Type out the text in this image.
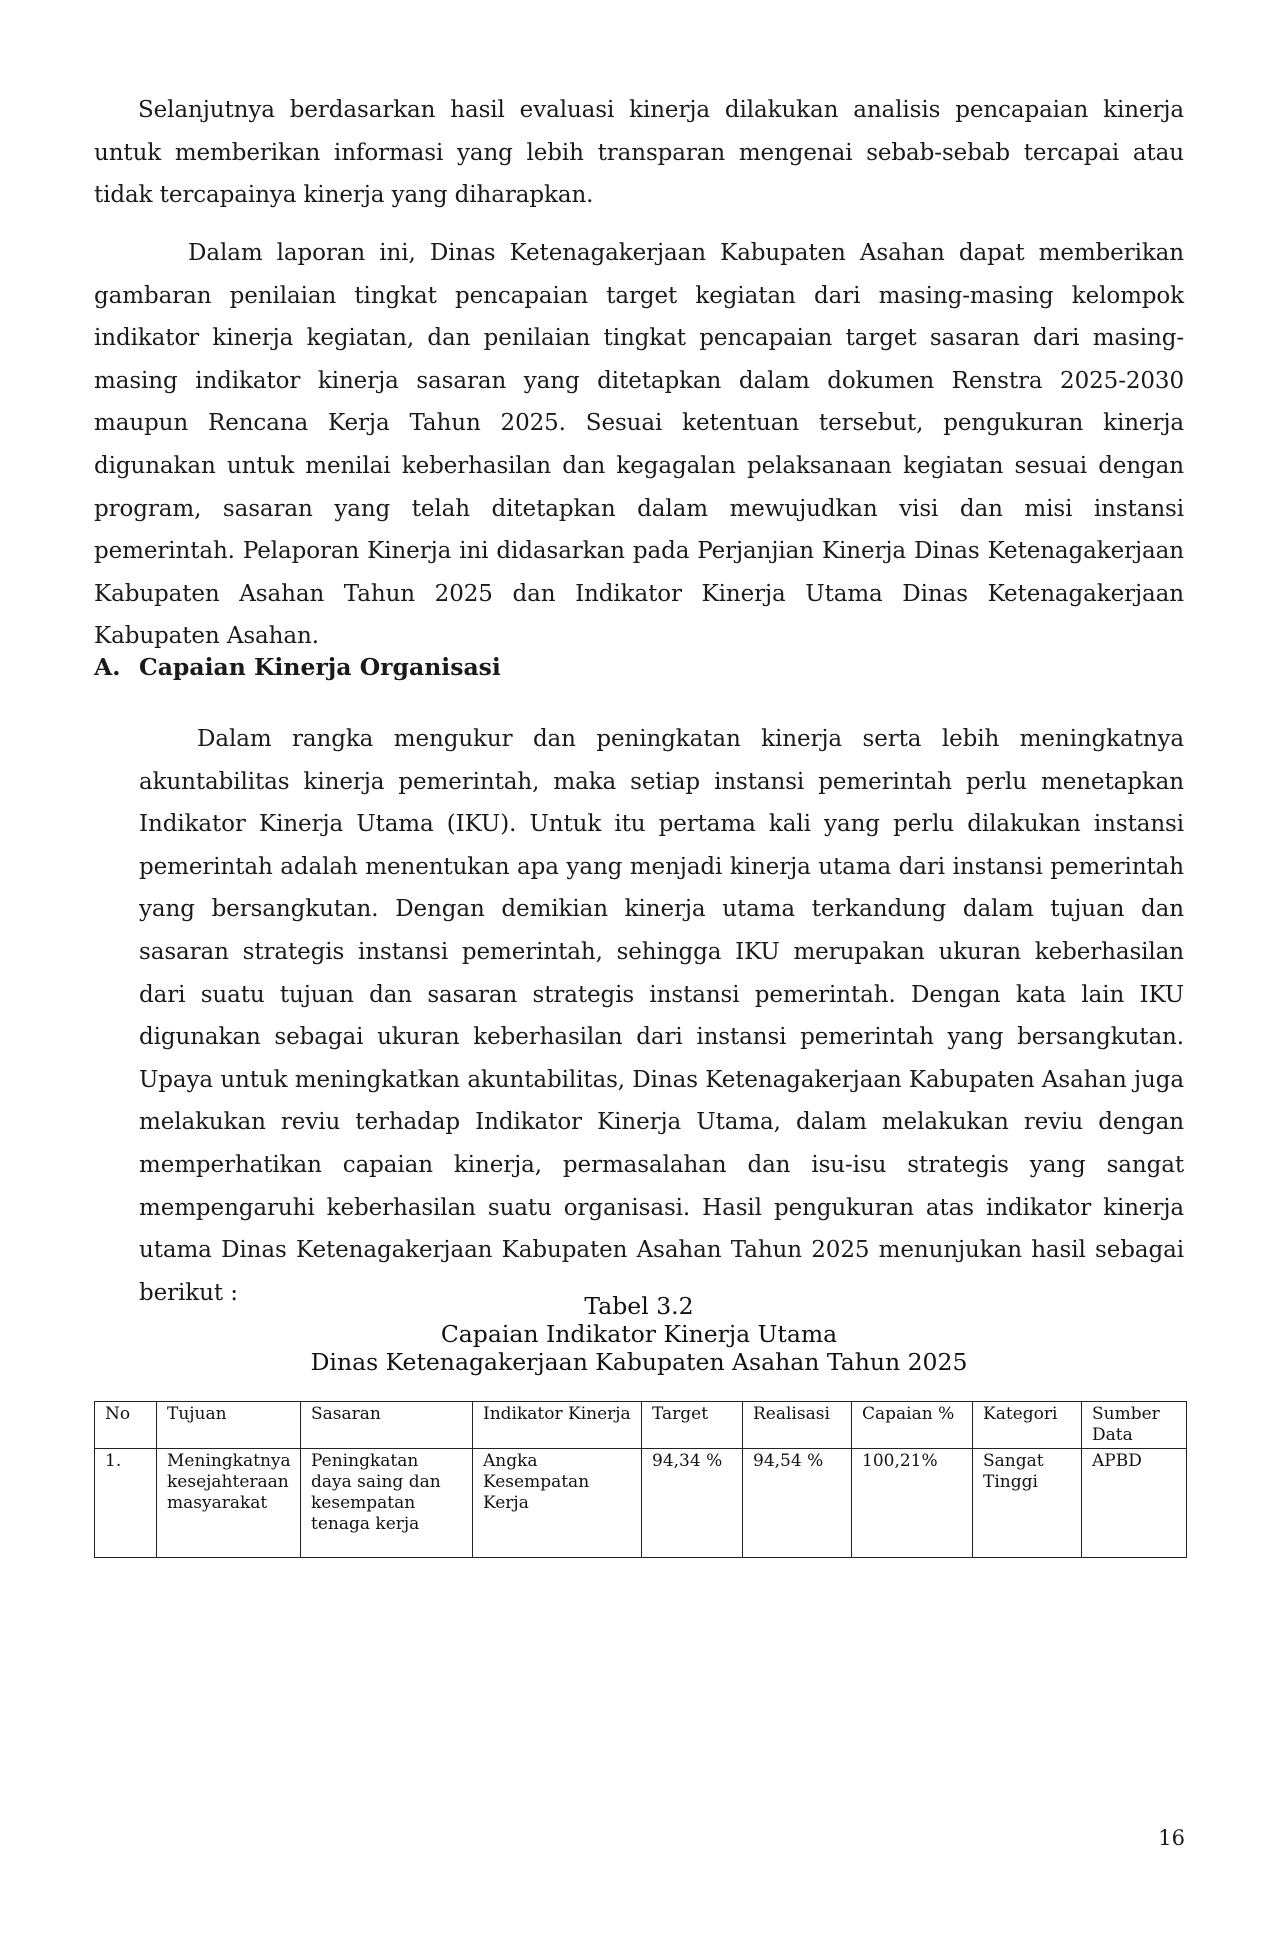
Selanjutnya berdasarkan hasil evaluasi kinerja dilakukan analisis pencapaian kinerja untuk memberikan informasi yang lebih transparan mengenai sebab-sebab tercapai atau tidak tercapainya kinerja yang diharapkan.

Dalam laporan ini, Dinas Ketenagakerjaan Kabupaten Asahan dapat memberikan gambaran penilaian tingkat pencapaian target kegiatan dari masing-masing kelompok indikator kinerja kegiatan, dan penilaian tingkat pencapaian target sasaran dari masing-masing indikator kinerja sasaran yang ditetapkan dalam dokumen Renstra 2025-2030 maupun Rencana Kerja Tahun 2025. Sesuai ketentuan tersebut, pengukuran kinerja digunakan untuk menilai keberhasilan dan kegagalan pelaksanaan kegiatan sesuai dengan program, sasaran yang telah ditetapkan dalam mewujudkan visi dan misi instansi pemerintah. Pelaporan Kinerja ini didasarkan pada Perjanjian Kinerja Dinas Ketenagakerjaan Kabupaten Asahan Tahun 2025 dan Indikator Kinerja Utama Dinas Ketenagakerjaan Kabupaten Asahan.

A. Capaian Kinerja Organisasi

Dalam rangka mengukur dan peningkatan kinerja serta lebih meningkatnya akuntabilitas kinerja pemerintah, maka setiap instansi pemerintah perlu menetapkan Indikator Kinerja Utama (IKU). Untuk itu pertama kali yang perlu dilakukan instansi pemerintah adalah menentukan apa yang menjadi kinerja utama dari instansi pemerintah yang bersangkutan. Dengan demikian kinerja utama terkandung dalam tujuan dan sasaran strategis instansi pemerintah, sehingga IKU merupakan ukuran keberhasilan dari suatu tujuan dan sasaran strategis instansi pemerintah. Dengan kata lain IKU digunakan sebagai ukuran keberhasilan dari instansi pemerintah yang bersangkutan. Upaya untuk meningkatkan akuntabilitas, Dinas Ketenagakerjaan Kabupaten Asahan juga melakukan reviu terhadap Indikator Kinerja Utama, dalam melakukan reviu dengan memperhatikan capaian kinerja, permasalahan dan isu-isu strategis yang sangat mempengaruhi keberhasilan suatu organisasi. Hasil pengukuran atas indikator kinerja utama Dinas Ketenagakerjaan Kabupaten Asahan Tahun 2025 menunjukan hasil sebagai berikut :	Tabel 3.2

Capaian Indikator Kinerja Utama

Dinas Ketenagakerjaan Kabupaten Asahan Tahun 2025

No	Tujuan	Sasaran	Indikator Kinerja	Target	Realisasi	Capaian %	Kategori	Sumber Data
1.	Meningkatnya kesejahteraan masyarakat	Peningkatan daya saing dan kesempatan tenaga kerja	Angka Kesempatan Kerja	94,34 %	94,54 %	100,21%	Sangat Tinggi	APBD

16
